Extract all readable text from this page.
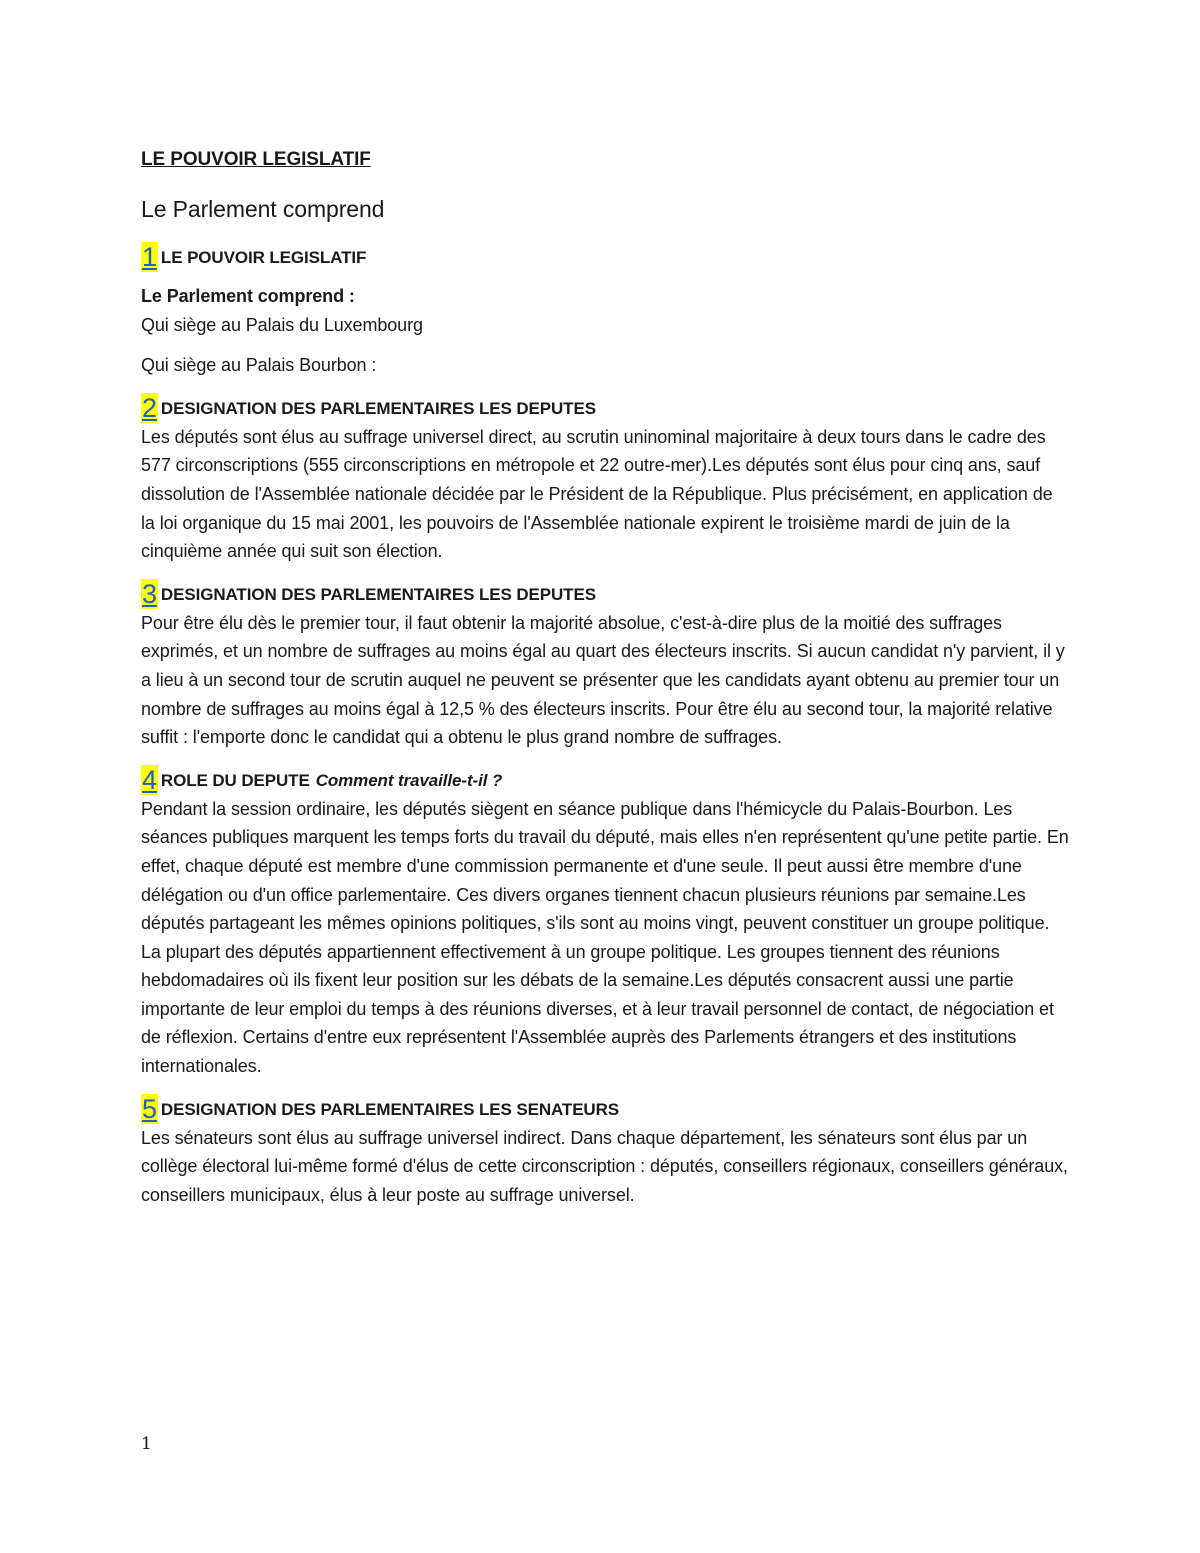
LE POUVOIR LEGISLATIF
Le Parlement comprend
1 LE POUVOIR LEGISLATIF

Le Parlement comprend :

Qui siège au Palais du Luxembourg

Qui siège au Palais Bourbon :

2 DESIGNATION DES PARLEMENTAIRES LES DEPUTES

Les députés sont élus au suffrage universel direct, au scrutin uninominal majoritaire à deux tours dans le cadre des 577 circonscriptions (555 circonscriptions en métropole et 22 outre-mer).Les députés sont élus pour cinq ans, sauf dissolution de l'Assemblée nationale décidée par le Président de la République. Plus précisément, en application de la loi organique du 15 mai 2001, les pouvoirs de l'Assemblée nationale expirent le troisième mardi de juin de la cinquième année qui suit son élection.

3 DESIGNATION DES PARLEMENTAIRES LES DEPUTES

Pour être élu dès le premier tour, il faut obtenir la majorité absolue, c'est-à-dire plus de la moitié des suffrages exprimés, et un nombre de suffrages au moins égal au quart des électeurs inscrits. Si aucun candidat n'y parvient, il y a lieu à un second tour de scrutin auquel ne peuvent se présenter que les candidats ayant obtenu au premier tour un nombre de suffrages au moins égal à 12,5 % des électeurs inscrits. Pour être élu au second tour, la majorité relative suffit : l'emporte donc le candidat qui a obtenu le plus grand nombre de suffrages.

4 ROLE DU DEPUTE Comment travaille-t-il ?

Pendant la session ordinaire, les députés siègent en séance publique dans l'hémicycle du Palais-Bourbon. Les séances publiques marquent les temps forts du travail du député, mais elles n'en représentent qu'une petite partie. En effet, chaque député est membre d'une commission permanente et d'une seule. Il peut aussi être membre d'une délégation ou d'un office parlementaire. Ces divers organes tiennent chacun plusieurs réunions par semaine.Les députés partageant les mêmes opinions politiques, s'ils sont au moins vingt, peuvent constituer un groupe politique. La plupart des députés appartiennent effectivement à un groupe politique. Les groupes tiennent des réunions hebdomadaires où ils fixent leur position sur les débats de la semaine.Les députés consacrent aussi une partie importante de leur emploi du temps à des réunions diverses, et à leur travail personnel de contact, de négociation et de réflexion. Certains d'entre eux représentent l'Assemblée auprès des Parlements étrangers et des institutions internationales.

5 DESIGNATION DES PARLEMENTAIRES LES SENATEURS

Les sénateurs sont élus au suffrage universel indirect. Dans chaque département, les sénateurs sont élus par un collège électoral lui-même formé d'élus de cette circonscription : députés, conseillers régionaux, conseillers généraux, conseillers municipaux, élus à leur poste au suffrage universel.

1
